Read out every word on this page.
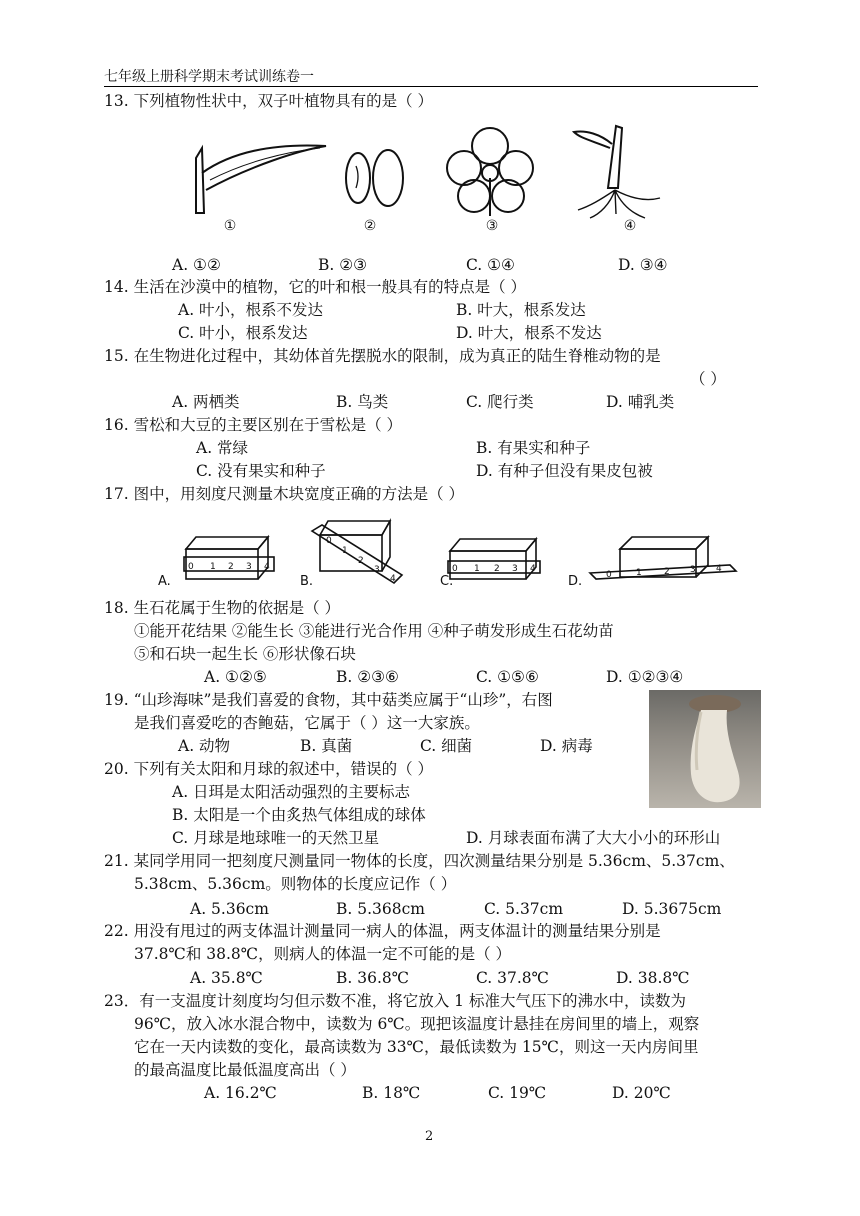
七年级上册科学期末考试训练卷一
13. 下列植物性状中，双子叶植物具有的是（ ）
①	②	③	④
A. ①②	B. ②③	C. ①④	D. ③④
14. 生活在沙漠中的植物，它的叶和根一般具有的特点是（ ）
A. 叶小，根系不发达	B. 叶大，根系发达
C. 叶小，根系发达	D. 叶大，根系不发达
15. 在生物进化过程中，其幼体首先摆脱水的限制，成为真正的陆生脊椎动物的是
（ ）
A. 两栖类	B. 鸟类	C. 爬行类	D. 哺乳类
16. 雪松和大豆的主要区别在于雪松是（ ）
A. 常绿	B. 有果实和种子
C. 没有果实和种子	D. 有种子但没有果皮包被
17. 图中，用刻度尺测量木块宽度正确的方法是（ ）
A.	B.	C.	D.
0 1 2 3 4
0
1
2
3
4
0 1 2 3 4
0	1 2 3 4
18. 生石花属于生物的依据是（ ）
①能开花结果 ②能生长 ③能进行光合作用 ④种子萌发形成生石花幼苗
⑤和石块一起生长 ⑥形状像石块
A. ①②⑤	B. ②③⑥	C. ①⑤⑥	D. ①②③④
19. “山珍海味”是我们喜爱的食物，其中菇类应属于“山珍”，右图
是我们喜爱吃的杏鲍菇，它属于（ ）这一大家族。
A. 动物	B. 真菌	C. 细菌	D. 病毒
20. 下列有关太阳和月球的叙述中，错误的（ ）
A. 日珥是太阳活动强烈的主要标志
B. 太阳是一个由炙热气体组成的球体
C. 月球是地球唯一的天然卫星	D. 月球表面布满了大大小小的环形山
21. 某同学用同一把刻度尺测量同一物体的长度，四次测量结果分别是 5.36cm、5.37cm、
5.38cm、5.36cm。则物体的长度应记作（ ）
A. 5.36cm	B. 5.368cm	C. 5.37cm	D. 5.3675cm
22. 用没有甩过的两支体温计测量同一病人的体温，两支体温计的测量结果分别是
37.8℃和 38.8℃，则病人的体温一定不可能的是（ ）
A. 35.8℃	B. 36.8℃	C. 37.8℃	D. 38.8℃
23．有一支温度计刻度均匀但示数不准，将它放入 1 标准大气压下的沸水中，读数为
96℃，放入冰水混合物中，读数为 6℃。现把该温度计悬挂在房间里的墙上，观察
它在一天内读数的变化，最高读数为 33℃，最低读数为 15℃，则这一天内房间里
的最高温度比最低温度高出（ ）
A. 16.2℃	B. 18℃	C. 19℃	D. 20℃
2
